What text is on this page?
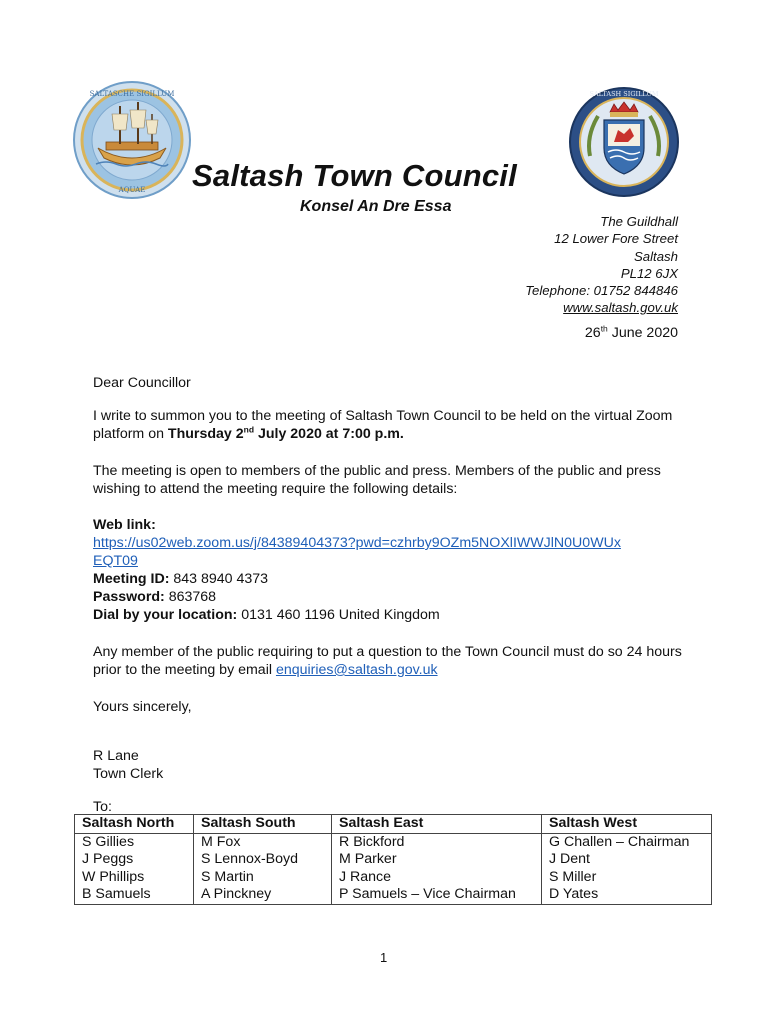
SALTASCHE SIGILLUM
AQUAE
SALTASH SIGILLUM
Saltash Town Council
Konsel An Dre Essa
The Guildhall
12 Lower Fore Street
Saltash
PL12 6JX
Telephone: 01752 844846
www.saltash.gov.uk
26th June 2020
Dear Councillor
I write to summon you to the meeting of Saltash Town Council to be held on the virtual Zoom platform on Thursday 2nd July 2020 at 7:00 p.m.
The meeting is open to members of the public and press. Members of the public and press wishing to attend the meeting require the following details:
Web link:
https://us02web.zoom.us/j/84389404373?pwd=czhrby9OZm5NOXlIWWJlN0U0WUx
EQT09
Meeting ID: 843 8940 4373
Password: 863768
Dial by your location: 0131 460 1196 United Kingdom
Any member of the public requiring to put a question to the Town Council must do so 24 hours prior to the meeting by email enquiries@saltash.gov.uk
Yours sincerely,
R Lane
Town Clerk
To:
Saltash North	Saltash South	Saltash East	Saltash West
S Gillies	M Fox	R Bickford	G Challen – Chairman
J Peggs	S Lennox-Boyd	M Parker	J Dent
W Phillips	S Martin	J Rance	S Miller
B Samuels	A Pinckney	P Samuels – Vice Chairman	D Yates
1
